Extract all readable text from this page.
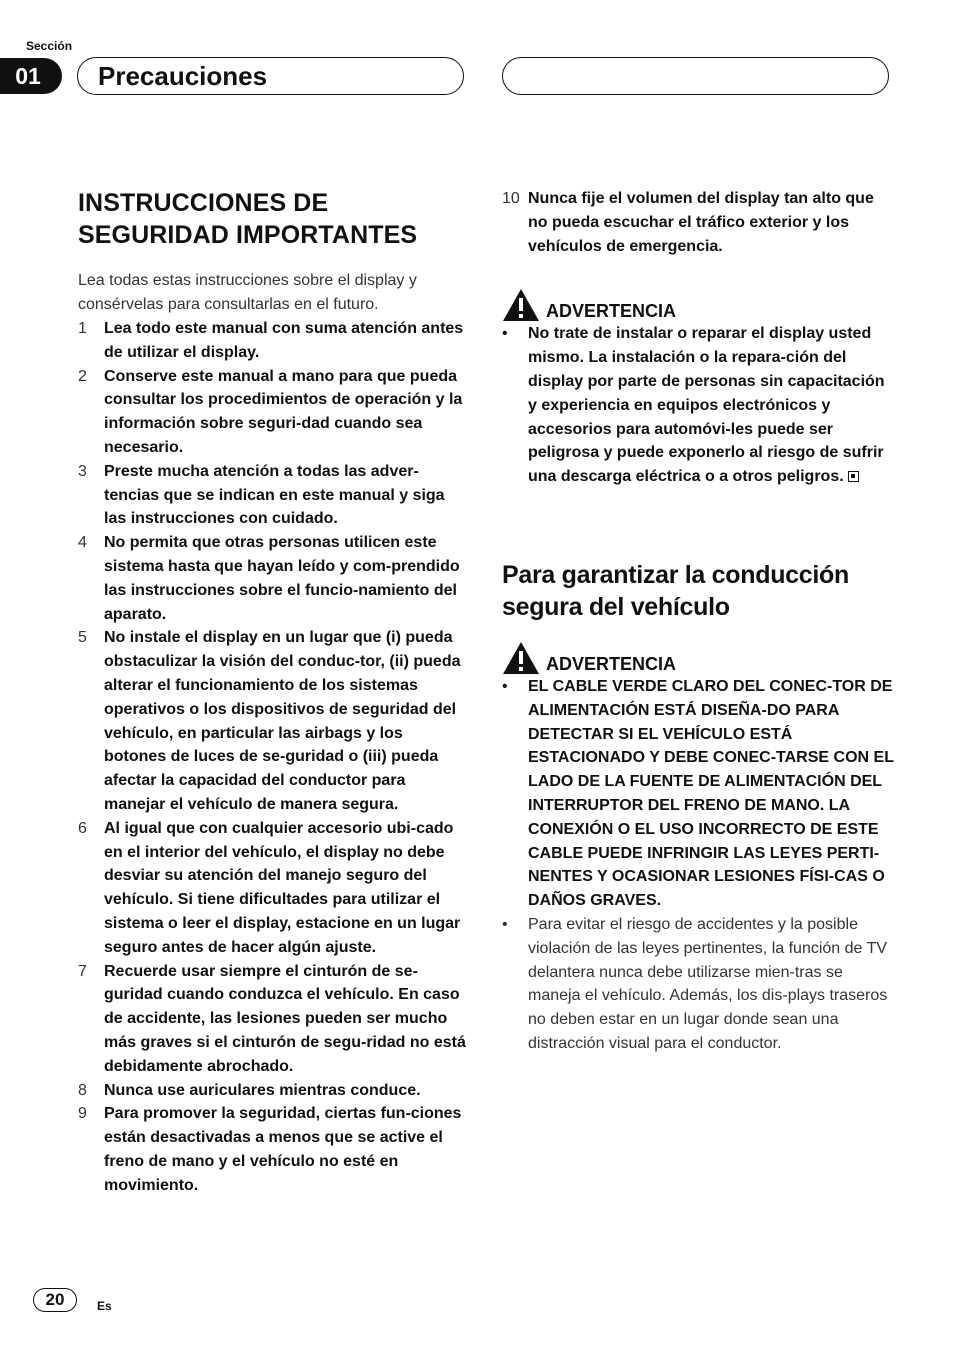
Sección
01	Precauciones
INSTRUCCIONES DE
SEGURIDAD IMPORTANTES

Lea todas estas instrucciones sobre el display y consérvelas para consultarlas en el futuro.

1	Lea todo este manual con suma atención antes de utilizar el display.
2	Conserve este manual a mano para que pueda consultar los procedimientos de operación y la información sobre seguri-dad cuando sea necesario.
3	Preste mucha atención a todas las adver-tencias que se indican en este manual y siga las instrucciones con cuidado.
4	No permita que otras personas utilicen este sistema hasta que hayan leído y com-prendido las instrucciones sobre el funcio-namiento del aparato.
5	No instale el display en un lugar que (i) pueda obstaculizar la visión del conduc-tor, (ii) pueda alterar el funcionamiento de los sistemas operativos o los dispositivos de seguridad del vehículo, en particular las airbags y los botones de luces de se-guridad o (iii) pueda afectar la capacidad del conductor para manejar el vehículo de manera segura.
6	Al igual que con cualquier accesorio ubi-cado en el interior del vehículo, el display no debe desviar su atención del manejo seguro del vehículo. Si tiene dificultades para utilizar el sistema o leer el display, estacione en un lugar seguro antes de hacer algún ajuste.
7	Recuerde usar siempre el cinturón de se-guridad cuando conduzca el vehículo. En caso de accidente, las lesiones pueden ser mucho más graves si el cinturón de segu-ridad no está debidamente abrochado.
8	Nunca use auriculares mientras conduce.
9	Para promover la seguridad, ciertas fun-ciones están desactivadas a menos que se active el freno de mano y el vehículo no esté en movimiento.
10 Nunca fije el volumen del display tan alto que no pueda escuchar el tráfico exterior y los vehículos de emergencia.
ADVERTENCIA
•	No trate de instalar o reparar el display usted mismo. La instalación o la repara-ción del display por parte de personas sin capacitación y experiencia en equipos electrónicos y accesorios para automóvi-les puede ser peligrosa y puede exponerlo al riesgo de sufrir una descarga eléctrica o a otros peligros.
Para garantizar la conducción
segura del vehículo
ADVERTENCIA
•	EL CABLE VERDE CLARO DEL CONEC-TOR DE ALIMENTACIÓN ESTÁ DISEÑA-DO PARA DETECTAR SI EL VEHÍCULO ESTÁ ESTACIONADO Y DEBE CONEC-TARSE CON EL LADO DE LA FUENTE DE ALIMENTACIÓN DEL INTERRUPTOR DEL FRENO DE MANO. LA CONEXIÓN O EL USO INCORRECTO DE ESTE CABLE PUEDE INFRINGIR LAS LEYES PERTI-NENTES Y OCASIONAR LESIONES FÍSI-CAS O DAÑOS GRAVES.
•	Para evitar el riesgo de accidentes y la posible violación de las leyes pertinentes, la función de TV delantera nunca debe utilizarse mien-tras se maneja el vehículo. Además, los dis-plays traseros no deben estar en un lugar donde sean una distracción visual para el conductor.
20	Es
